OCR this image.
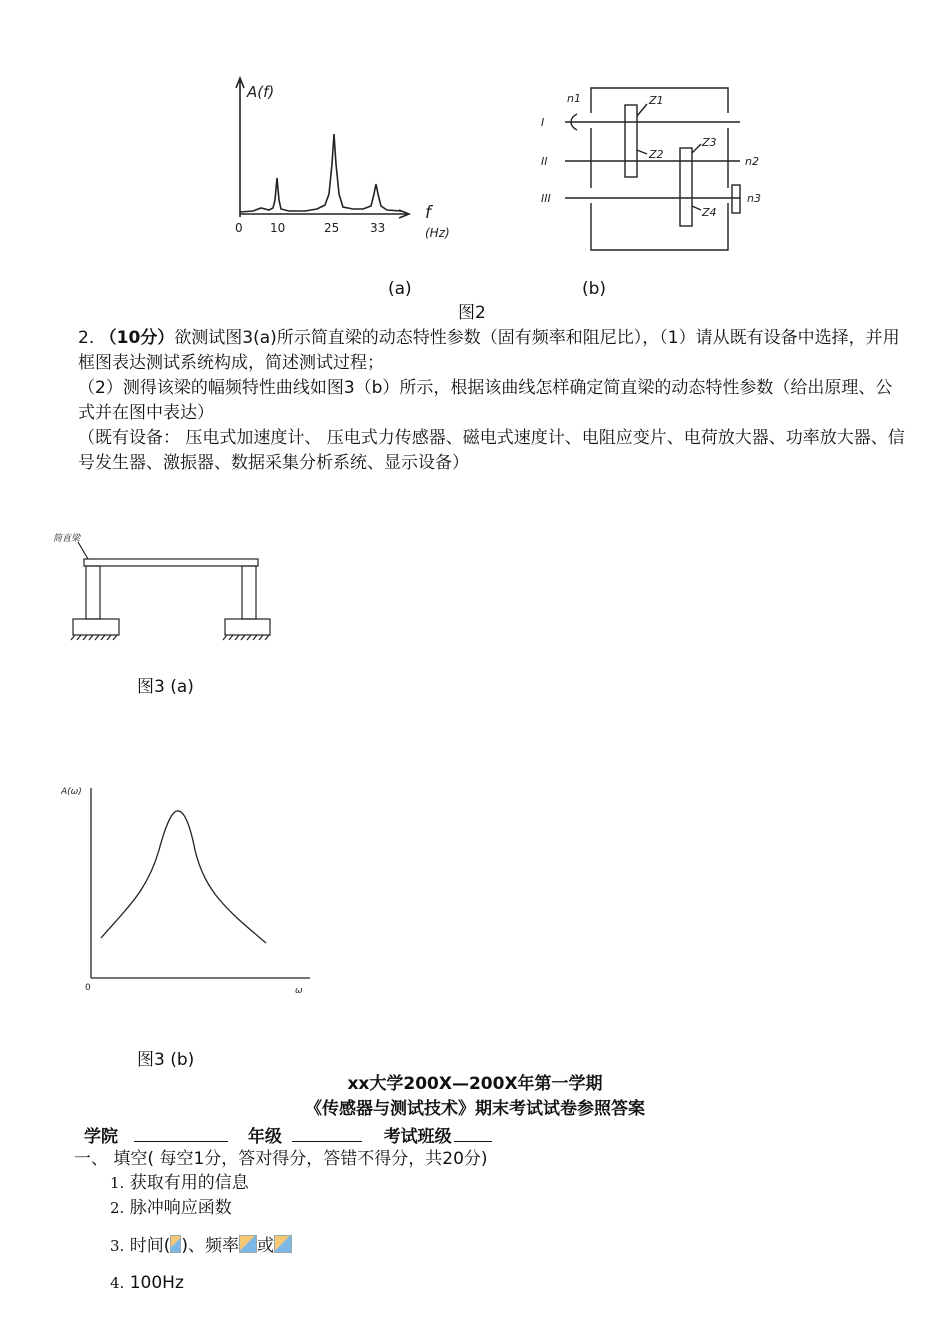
A(f)
f
(Hz)
0 10	25	33
I
II
III
Z1
Z2
Z3
Z4
n1
n2
n3
(a)	(b)
图2
2. （10分）欲测试图3(a)所示简直梁的动态特性参数（固有频率和阻尼比），（1）请从既有设备中选择，并用框图表达测试系统构成，简述测试过程；
（2）测得该梁的幅频特性曲线如图3（b）所示，根据该曲线怎样确定简直梁的动态特性参数（给出原理、公式并在图中表达）
（既有设备： 压电式加速度计、 压电式力传感器、磁电式速度计、电阻应变片、电荷放大器、功率放大器、信号发生器、激振器、数据采集分析系统、显示设备）
简直梁
图3 (a)
A(ω)
0	ω
图3 (b)
xx大学200X—200X年第一学期
《传感器与测试技术》期末考试试卷参照答案
学院	年级	考试班级
一、 填空( 每空1分，答对得分，答错不得分，共20分)
1. 获取有用的信息
2. 脉冲响应函数
3. 时间( )、频率 或
4. 100Hz
